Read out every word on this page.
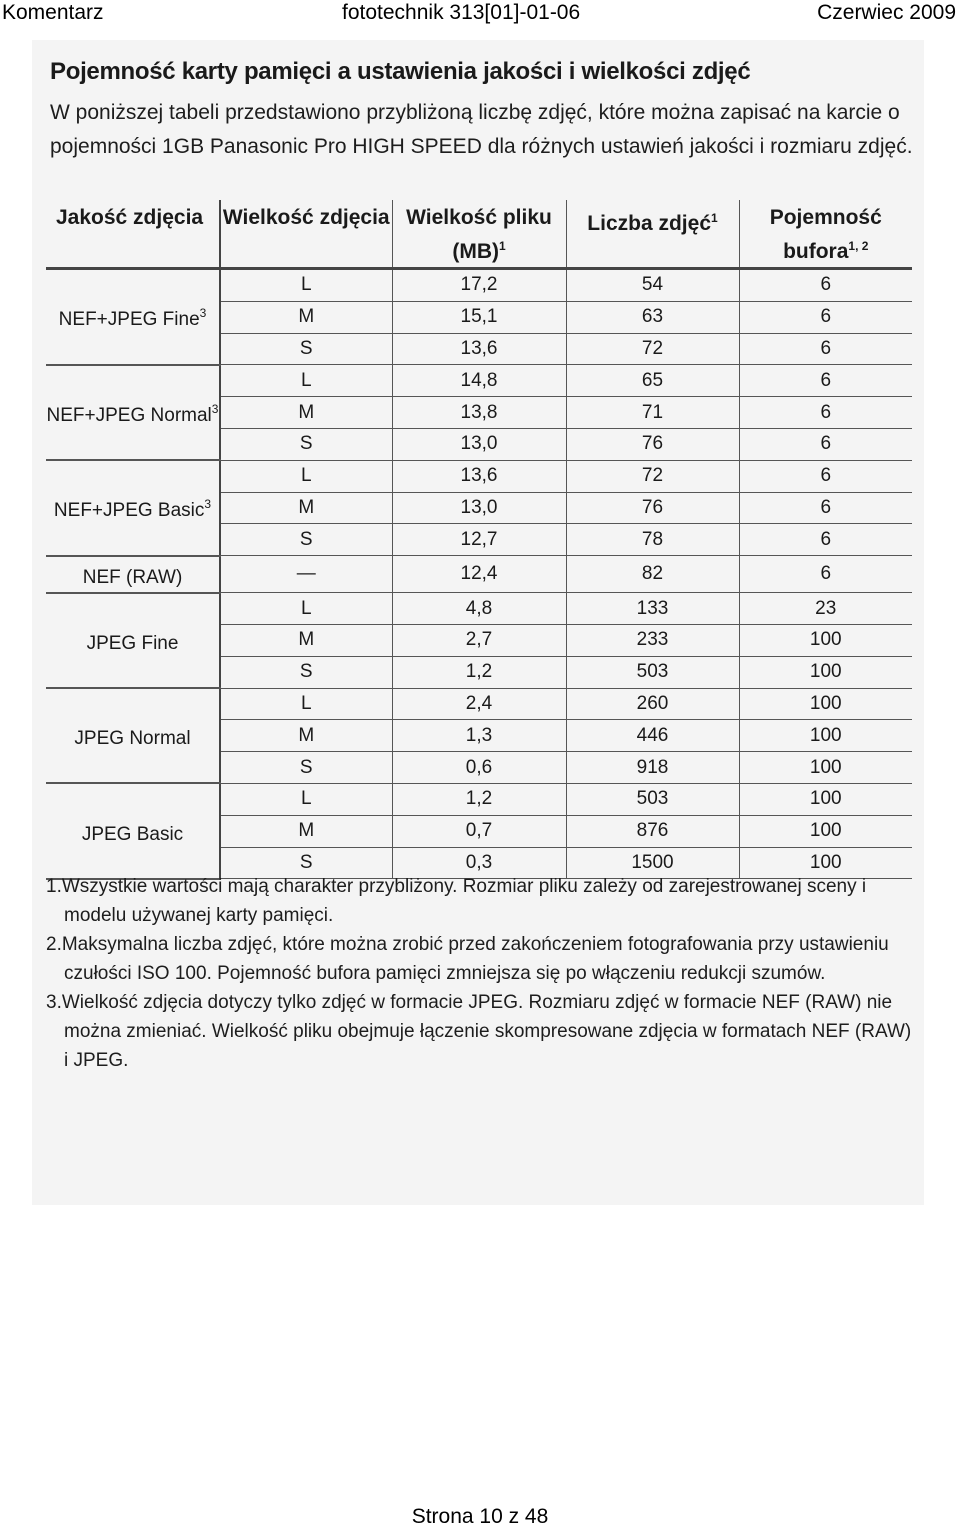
Komentarz	fototechnik 313[01]-01-06	Czerwiec 2009
Pojemność karty pamięci a ustawienia jakości i wielkości zdjęć
W poniższej tabeli przedstawiono przybliżoną liczbę zdjęć, które można zapisać na karcie o pojemności 1GB Panasonic Pro HIGH SPEED dla różnych ustawień jakości i rozmiaru zdjęć.
Jakość zdjęcia	Wielkość zdjęcia	Wielkość pliku (MB)$^1$	Liczba zdjęć$^1$	Pojemność bufora$^{1, 2}$
NEF+JPEG Fine$^3$	L	17,2	54	6
	M	15,1	63	6
	S	13,6	72	6
NEF+JPEG Normal$^3$	L	14,8	65	6
	M	13,8	71	6
	S	13,0	76	6
NEF+JPEG Basic$^3$	L	13,6	72	6
	M	13,0	76	6
	S	12,7	78	6
NEF (RAW)	—	12,4	82	6
JPEG Fine	L	4,8	133	23
	M	2,7	233	100
	S	1,2	503	100
JPEG Normal	L	2,4	260	100
	M	1,3	446	100
	S	0,6	918	100
JPEG Basic	L	1,2	503	100
	M	0,7	876	100
	S	0,3	1500	100
1.Wszystkie wartości mają charakter przybliżony. Rozmiar pliku zależy od zarejestrowanej sceny i modelu używanej karty pamięci.
2.Maksymalna liczba zdjęć, które można zrobić przed zakończeniem fotografowania przy ustawieniu czułości ISO 100. Pojemność bufora pamięci zmniejsza się po włączeniu redukcji szumów.
3.Wielkość zdjęcia dotyczy tylko zdjęć w formacie JPEG. Rozmiaru zdjęć w formacie NEF (RAW) nie można zmieniać. Wielkość pliku obejmuje łączenie skompresowane zdjęcia w formatach NEF (RAW) i JPEG.
Strona 10 z 48
